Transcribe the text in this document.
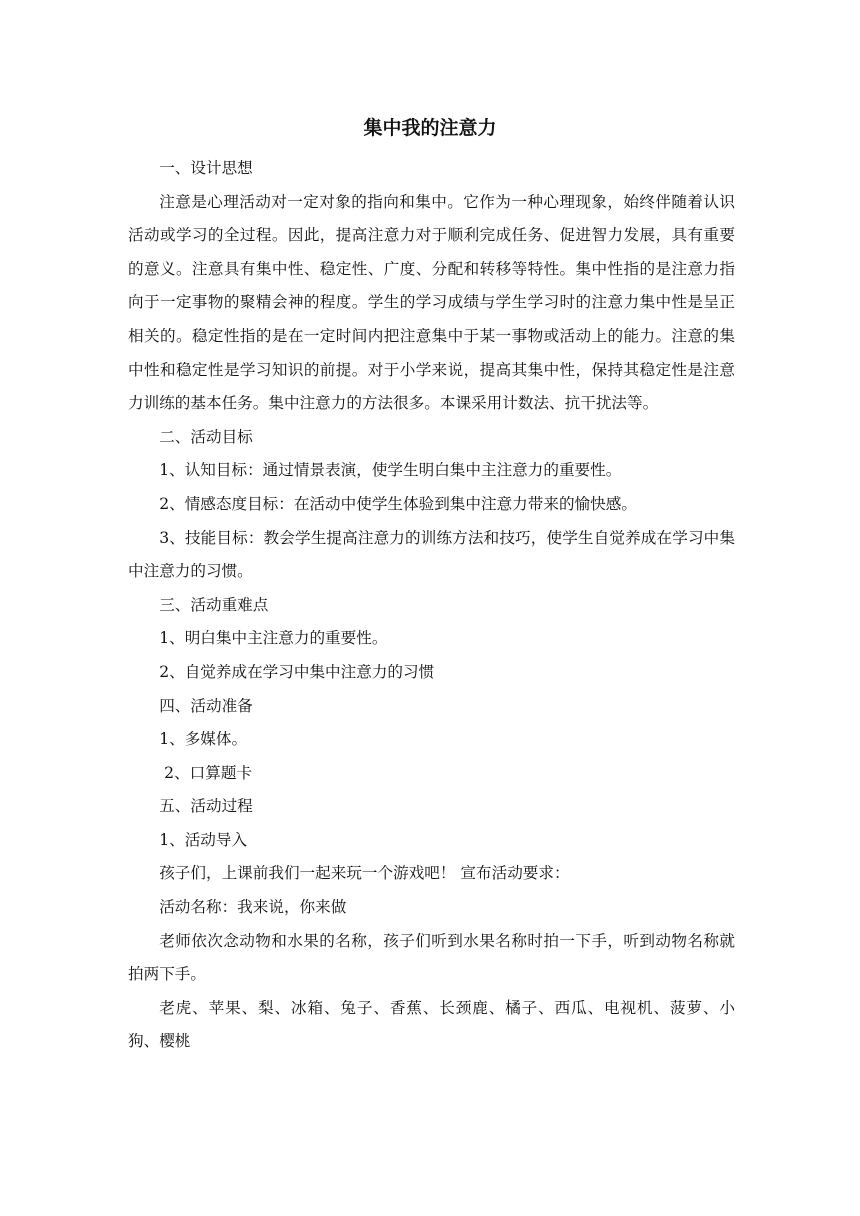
集中我的注意力

一、设计思想

注意是心理活动对一定对象的指向和集中。它作为一种心理现象，始终伴随着认识活动或学习的全过程。因此，提高注意力对于顺利完成任务、促进智力发展，具有重要的意义。注意具有集中性、稳定性、广度、分配和转移等特性。集中性指的是注意力指向于一定事物的聚精会神的程度。学生的学习成绩与学生学习时的注意力集中性是呈正相关的。稳定性指的是在一定时间内把注意集中于某一事物或活动上的能力。注意的集中性和稳定性是学习知识的前提。对于小学来说，提高其集中性，保持其稳定性是注意力训练的基本任务。集中注意力的方法很多。本课采用计数法、抗干扰法等。

二、活动目标

1、认知目标：通过情景表演，使学生明白集中主注意力的重要性。

2、情感态度目标：在活动中使学生体验到集中注意力带来的愉快感。

3、技能目标：教会学生提高注意力的训练方法和技巧，使学生自觉养成在学习中集中注意力的习惯。

三、活动重难点

1、明白集中主注意力的重要性。

2、自觉养成在学习中集中注意力的习惯

四、活动准备

1、多媒体。

2、口算题卡

五、活动过程

1、活动导入

孩子们，上课前我们一起来玩一个游戏吧！ 宣布活动要求：

活动名称：我来说，你来做

老师依次念动物和水果的名称，孩子们听到水果名称时拍一下手，听到动物名称就拍两下手。

老虎、苹果、梨、冰箱、兔子、香蕉、长颈鹿、橘子、西瓜、电视机、菠萝、小狗、樱桃
